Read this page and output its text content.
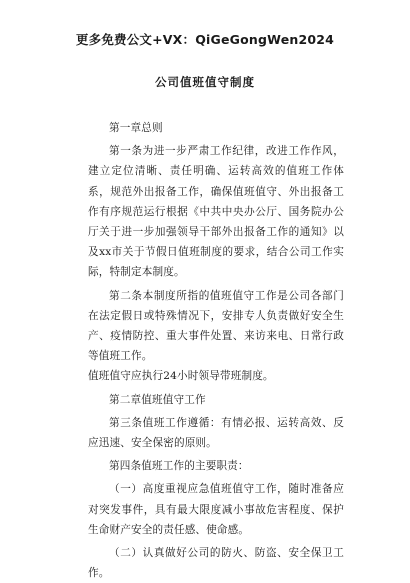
更多免费公文+VX：QiGeGongWen2024
公司值班值守制度

第一章总则

第一条为进一步严肃工作纪律，改进工作作风，建立定位清晰、责任明确、运转高效的值班工作体系，规范外出报备工作，确保值班值守、外出报备工作有序规范运行根据《中共中央办公厅、国务院办公厅关于进一步加强领导干部外出报备工作的通知》以及xx市关于节假日值班制度的要求，结合公司工作实际，特制定本制度。

第二条本制度所指的值班值守工作是公司各部门在法定假日或特殊情况下，安排专人负责做好安全生产、疫情防控、重大事件处置、来访来电、日常行政等值班工作。

值班值守应执行24小时领导带班制度。

第二章值班值守工作

第三条值班工作遵循：有情必报、运转高效、反应迅速、安全保密的原则。

第四条值班工作的主要职责：

（一）高度重视应急值班值守工作，随时准备应对突发事件，具有最大限度减小事故危害程度、保护生命财产安全的责任感、使命感。

（二）认真做好公司的防火、防盗、安全保卫工作。
